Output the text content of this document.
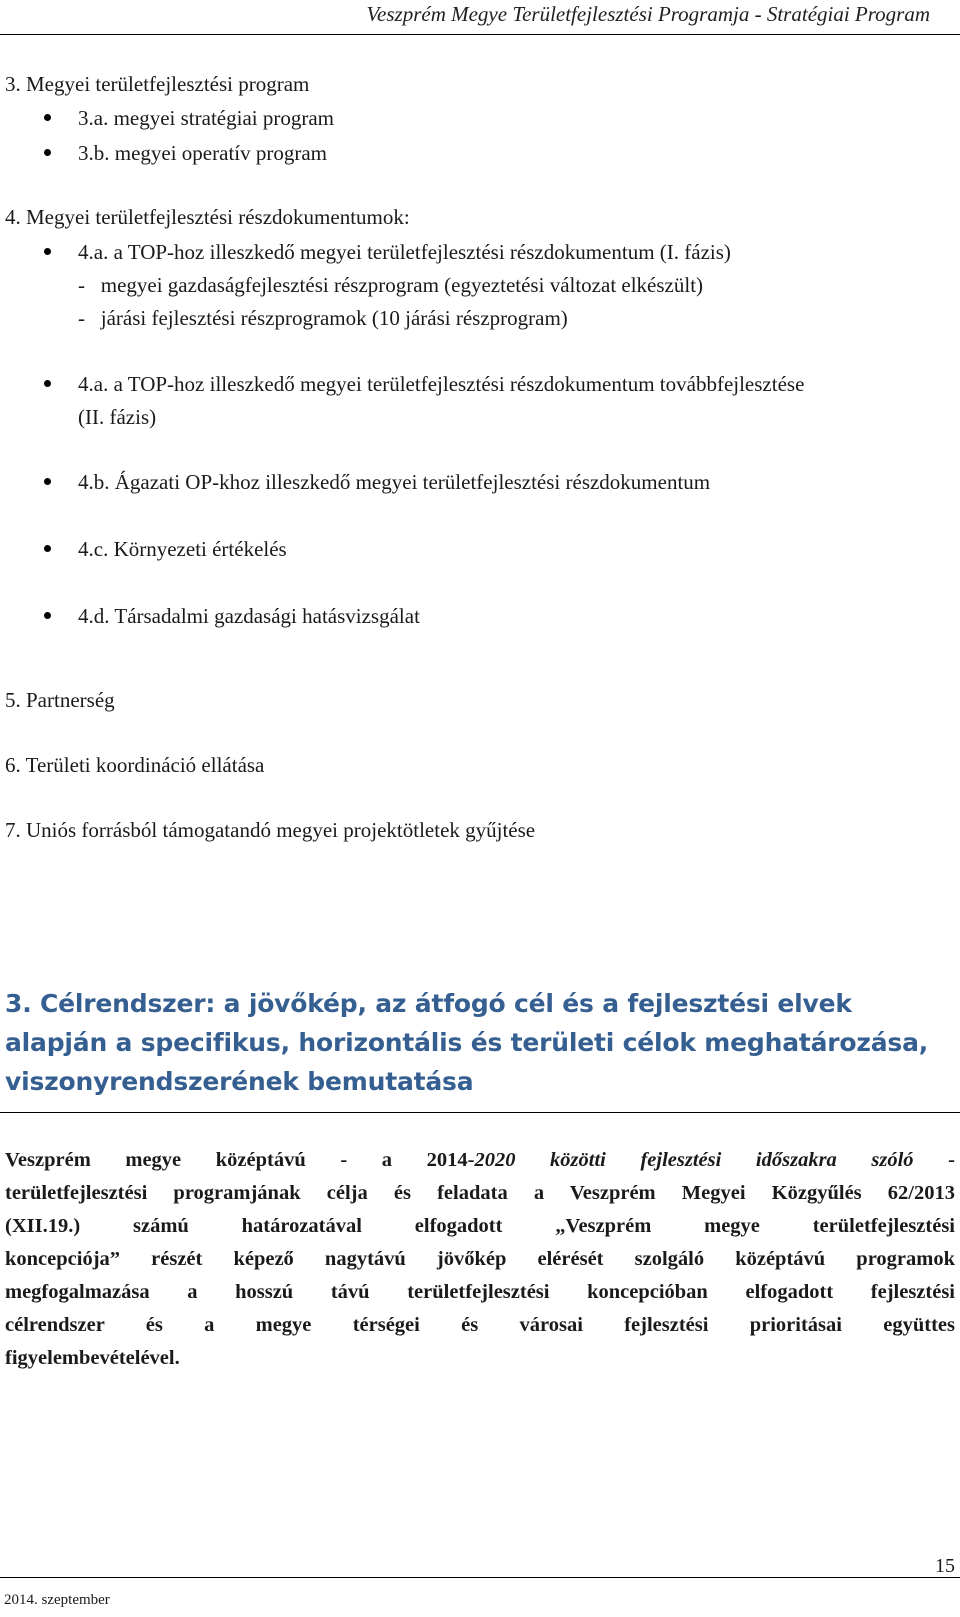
Veszprém Megye Területfejlesztési Programja - Stratégiai Program
3. Megyei területfejlesztési program
3.a. megyei stratégiai program
3.b. megyei operatív program
4. Megyei területfejlesztési részdokumentumok:
4.a. a TOP-hoz illeszkedő megyei területfejlesztési részdokumentum (I. fázis)
-   megyei gazdaságfejlesztési részprogram (egyeztetési változat elkészült)
-   járási fejlesztési részprogramok (10 járási részprogram)
4.a. a TOP-hoz illeszkedő megyei területfejlesztési részdokumentum továbbfejlesztése
(II. fázis)
4.b. Ágazati OP-khoz illeszkedő megyei területfejlesztési részdokumentum
4.c. Környezeti értékelés
4.d. Társadalmi gazdasági hatásvizsgálat
5. Partnerség
6. Területi koordináció ellátása
7. Uniós forrásból támogatandó megyei projektötletek gyűjtése
3. Célrendszer: a jövőkép, az átfogó cél és a fejlesztési elvek alapján a specifikus, horizontális és területi célok meghatározása, viszonyrendszerének bemutatása
Veszprém megye középtávú - a 2014-2020 közötti fejlesztési időszakra szóló -
területfejlesztési programjának célja és feladata a Veszprém Megyei Közgyűlés 62/2013
(XII.19.) számú határozatával elfogadott „Veszprém megye területfejlesztési
koncepciója” részét képező nagytávú jövőkép elérését szolgáló középtávú programok
megfogalmazása a hosszú távú területfejlesztési koncepcióban elfogadott fejlesztési
célrendszer és a megye térségei és városai fejlesztési prioritásai együttes
figyelembevételével.
15
2014. szeptember
